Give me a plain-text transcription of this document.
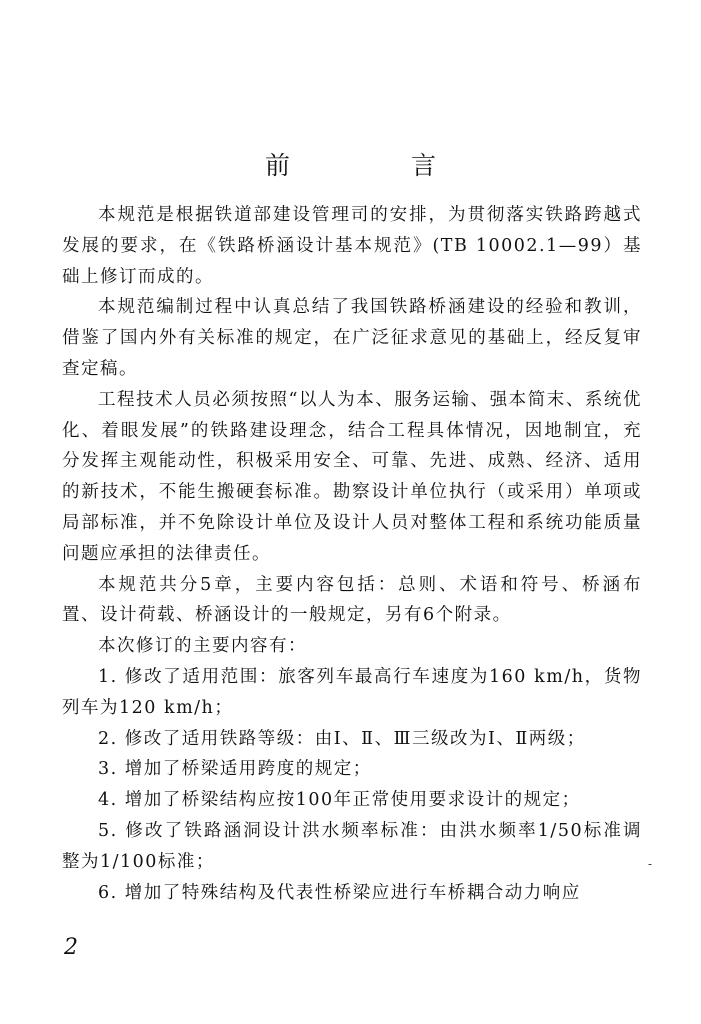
前　言

本规范是根据铁道部建设管理司的安排，为贯彻落实铁路跨越式发展的要求，在《铁路桥涵设计基本规范》(TB 10002.1—99）基础上修订而成的。

本规范编制过程中认真总结了我国铁路桥涵建设的经验和教训，借鉴了国内外有关标准的规定，在广泛征求意见的基础上，经反复审查定稿。

工程技术人员必须按照“以人为本、服务运输、强本简末、系统优化、着眼发展”的铁路建设理念，结合工程具体情况，因地制宜，充分发挥主观能动性，积极采用安全、可靠、先进、成熟、经济、适用的新技术，不能生搬硬套标准。勘察设计单位执行（或采用）单项或局部标准，并不免除设计单位及设计人员对整体工程和系统功能质量问题应承担的法律责任。

本规范共分5章，主要内容包括：总则、术语和符号、桥涵布置、设计荷载、桥涵设计的一般规定，另有6个附录。

本次修订的主要内容有：

1. 修改了适用范围：旅客列车最高行车速度为160 km/h，货物列车为120 km/h；

2. 修改了适用铁路等级：由Ⅰ、Ⅱ、Ⅲ三级改为Ⅰ、Ⅱ两级；

3. 增加了桥梁适用跨度的规定；

4. 增加了桥梁结构应按100年正常使用要求设计的规定；

5. 修改了铁路涵洞设计洪水频率标准：由洪水频率1/50标准调整为1/100标准；

6. 增加了特殊结构及代表性桥梁应进行车桥耦合动力响应

-

2
